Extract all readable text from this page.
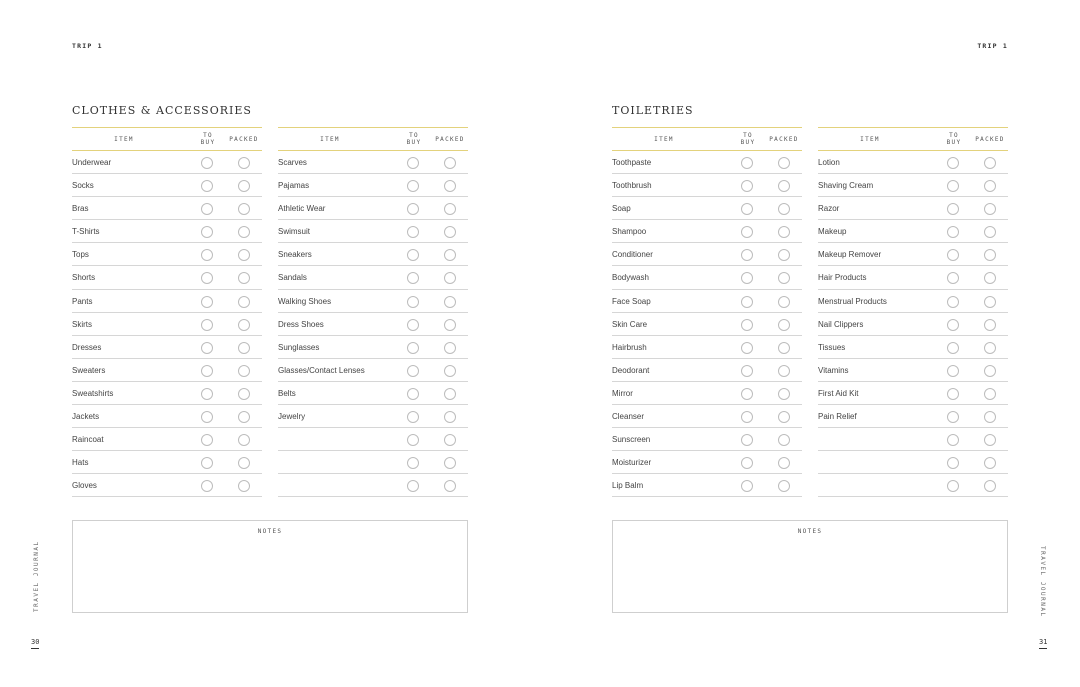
TRIP 1
CLOTHES & ACCESSORIES
ITEM
TO BUY	PACKED
Underwear
Socks
Bras
T-Shirts
Tops
Shorts
Pants
Skirts
Dresses
Sweaters
Sweatshirts
Jackets
Raincoat
Hats
Gloves
ITEM
TO BUY	PACKED
Scarves
Pajamas
Athletic Wear
Swimsuit
Sneakers
Sandals
Walking Shoes
Dress Shoes
Sunglasses
Glasses/Contact Lenses
Belts
Jewelry
NOTES
TRAVEL JOURNAL
30
TRIP 1
TOILETRIES
ITEM
TO BUY	PACKED
Toothpaste
Toothbrush
Soap
Shampoo
Conditioner
Bodywash
Face Soap
Skin Care
Hairbrush
Deodorant
Mirror
Cleanser
Sunscreen
Moisturizer
Lip Balm
ITEM
TO BUY	PACKED
Lotion
Shaving Cream
Razor
Makeup
Makeup Remover
Hair Products
Menstrual Products
Nail Clippers
Tissues
Vitamins
First Aid Kit
Pain Relief
NOTES
TRAVEL JOURNAL
31
